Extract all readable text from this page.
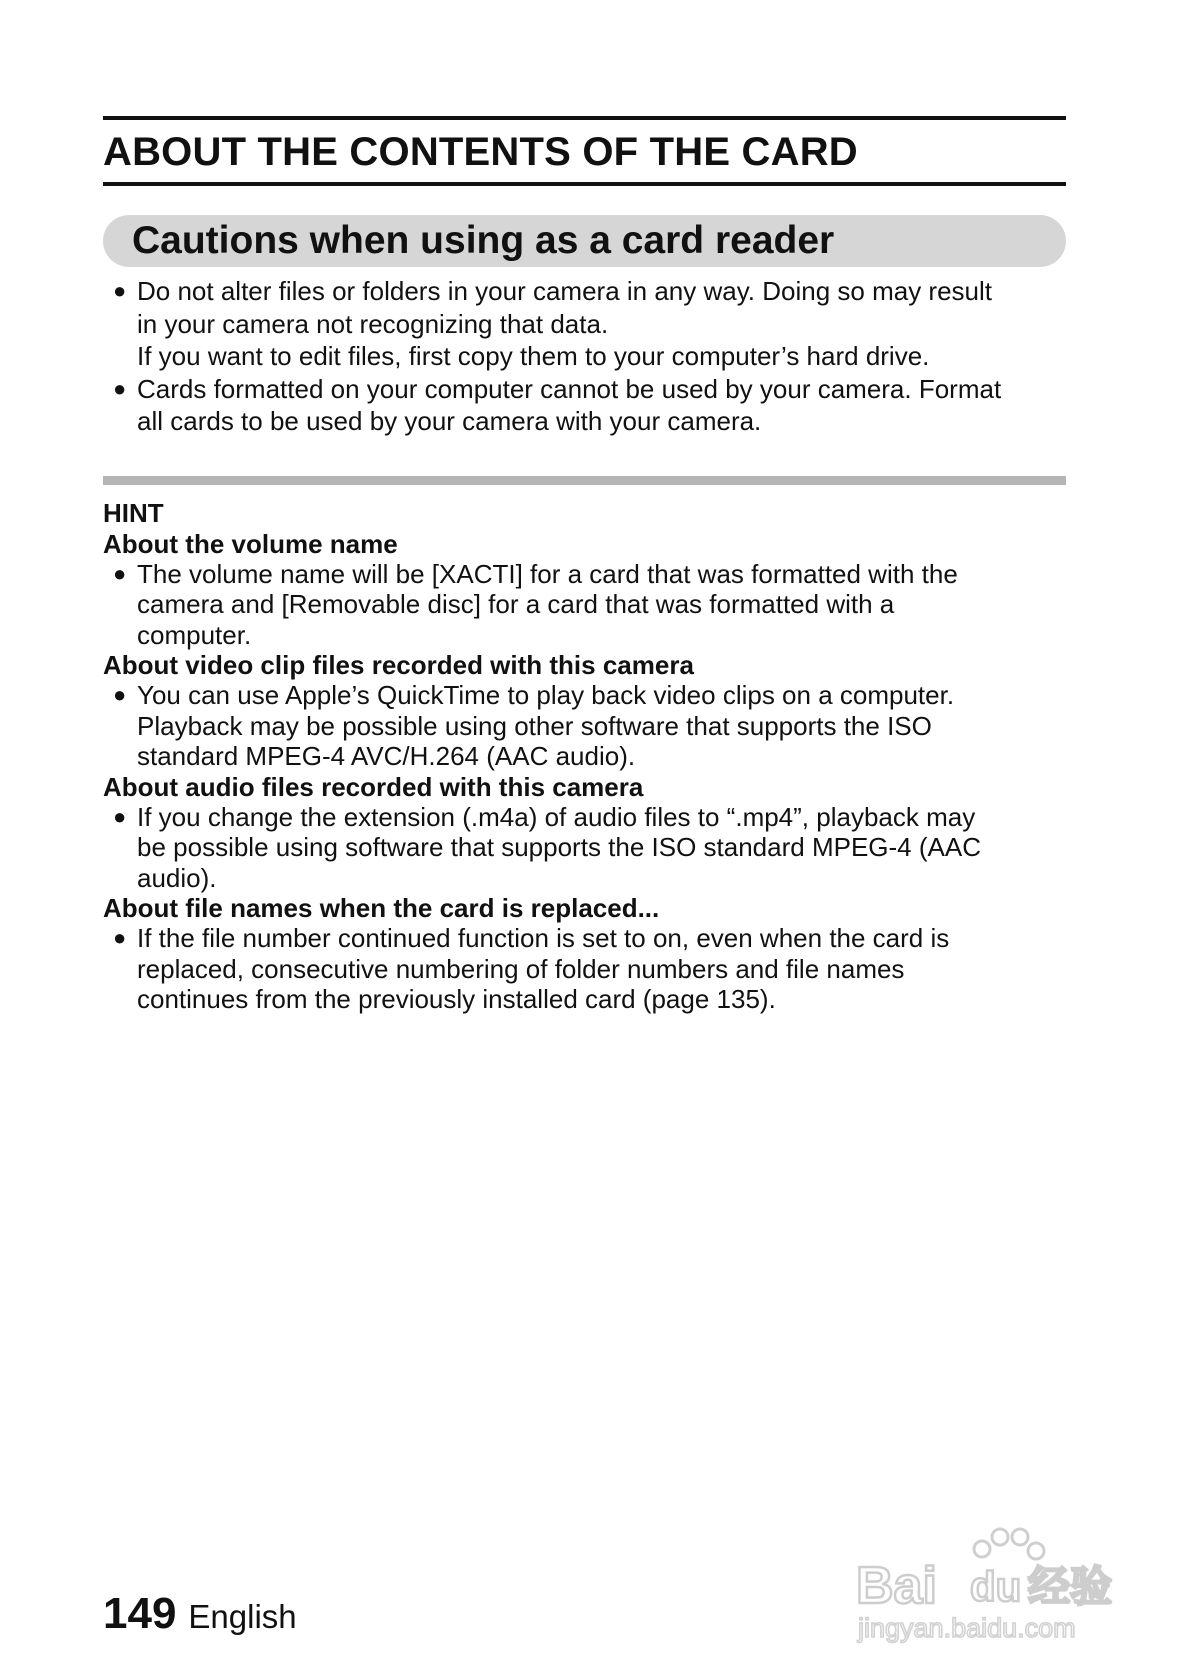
ABOUT THE CONTENTS OF THE CARD
Cautions when using as a card reader
● Do not alter files or folders in your camera in any way. Doing so may result
in your camera not recognizing that data.
If you want to edit files, first copy them to your computer’s hard drive.
● Cards formatted on your computer cannot be used by your camera. Format
all cards to be used by your camera with your camera.
HINT
About the volume name
● The volume name will be [XACTI] for a card that was formatted with the
camera and [Removable disc] for a card that was formatted with a
computer.
About video clip files recorded with this camera
● You can use Apple’s QuickTime to play back video clips on a computer.
Playback may be possible using other software that supports the ISO
standard MPEG-4 AVC/H.264 (AAC audio).
About audio files recorded with this camera
● If you change the extension (.m4a) of audio files to “.mp4”, playback may
be possible using software that supports the ISO standard MPEG-4 (AAC
audio).
About file names when the card is replaced...
● If the file number continued function is set to on, even when the card is
replaced, consecutive numbering of folder numbers and file names
continues from the previously installed card (page 135).
149 English
Bai du 经验
jingyan.baidu.com
